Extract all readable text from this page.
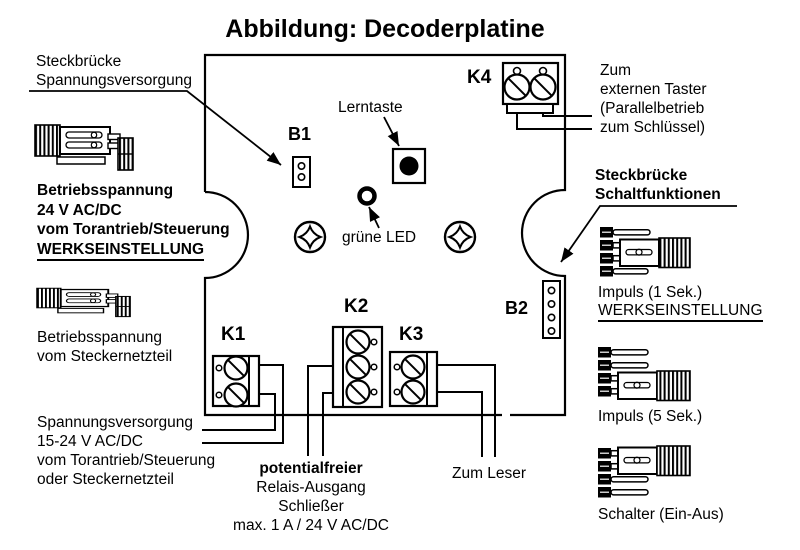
Abbildung: Decoderplatine
Steckbrücke
Spannungsversorgung
Betriebsspannung
24 V AC/DC
vom Torantrieb/Steuerung
WERKSEINSTELLUNG
Betriebsspannung
vom Steckernetzteil
Spannungsversorgung
15-24 V AC/DC
vom Torantrieb/Steuerung
oder Steckernetzteil
potentialfreier
Relais-Ausgang
Schließer
max. 1 A / 24 V AC/DC
Zum Leser
Zum
externen Taster
(Parallelbetrieb
zum Schlüssel)
Steckbrücke
Schaltfunktionen
Impuls (1 Sek.)
WERKSEINSTELLUNG
Impuls (5 Sek.)
Schalter (Ein-Aus)
Lerntaste
grüne LED
K1
K2
K3
K4
B1
B2
